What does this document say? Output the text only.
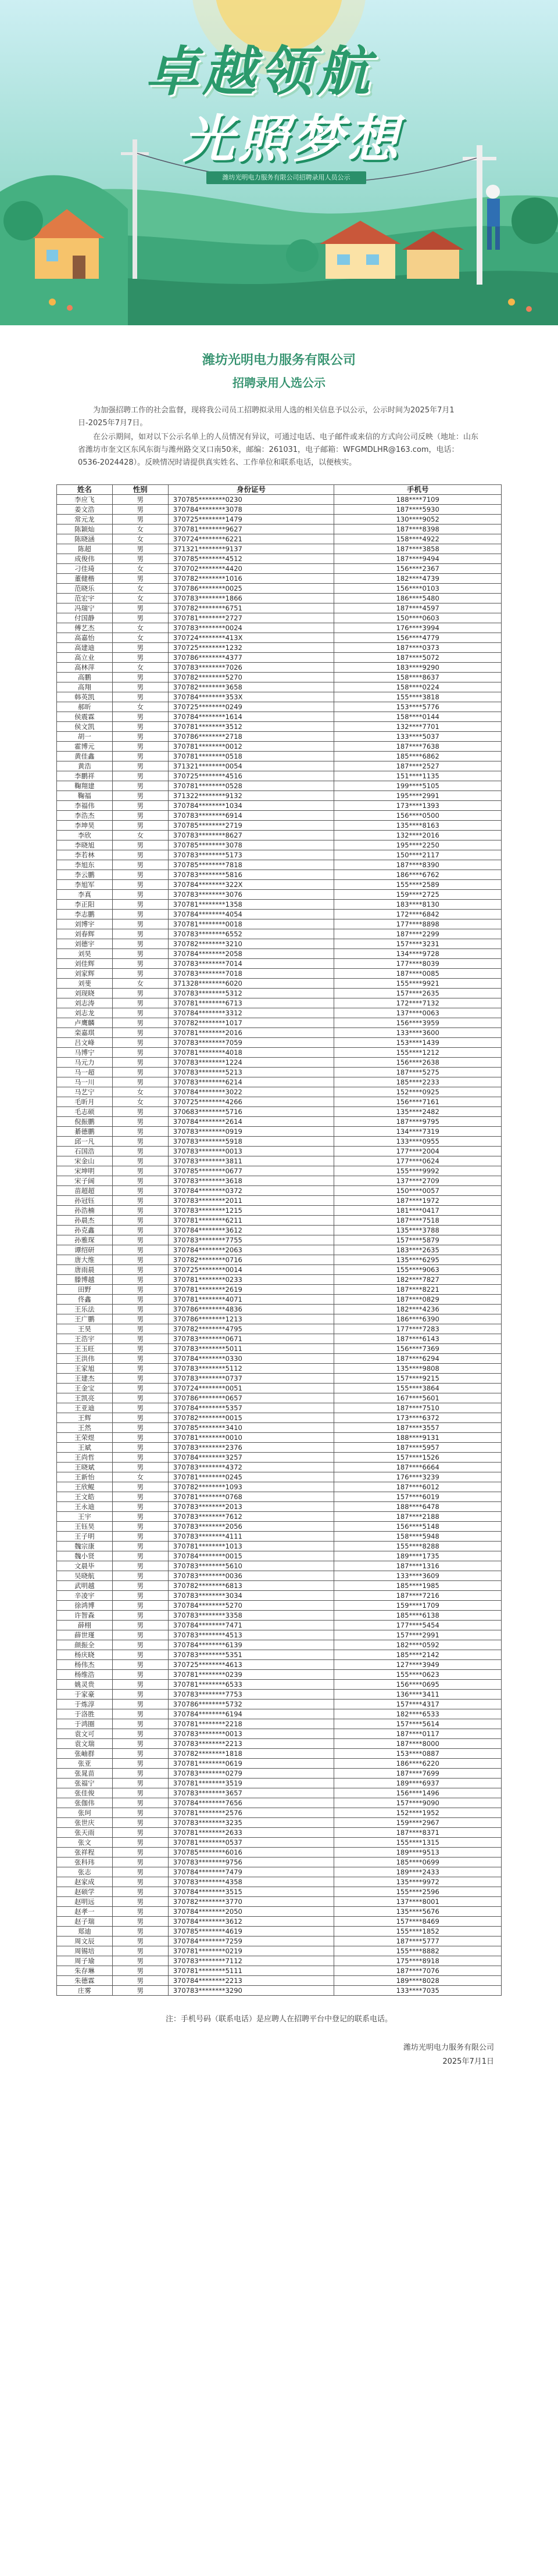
卓越领航
光照梦想
潍坊光明电力服务有限公司招聘录用人员公示
潍坊光明电力服务有限公司
招聘录用人选公示

为加强招聘工作的社会监督，现将我公司员工招聘拟录用人选的相关信息予以公示，公示时间为2025年7月1日-2025年7月7日。

在公示期间，如对以下公示名单上的人员情况有异议，可通过电话、电子邮件或来信的方式向公司反映（地址：山东省潍坊市奎文区东风东街与潍州路交叉口南50米，邮编：261031，电子邮箱：WFGMDLHR@163.com，电话：0536-2024428）。反映情况时请提供真实姓名、工作单位和联系电话，以便核实。

姓名	性别	身份证号	手机号
李应飞	男	370785********0230	188****7109
姜文浩	男	370784********3078	187****5930
常元龙	男	370725********1479	130****9052
陈颖灿	女	370781********9627	187****8398
陈晓涵	女	370724********6221	158****4922
陈超	男	371321********9137	187****3858
成俊伟	男	370785********4512	187****9494
刁佳琦	女	370702********4420	156****2367
董健楷	男	370782********1016	182****4739
范晓乐	女	370786********0025	156****0103
范宏宇	女	370783********1866	186****5480
冯瑞宁	男	370782********6751	187****4597
付国静	男	370781********2727	150****0603
傅艺杰	女	370783********0024	176****3994
高嘉怡	女	370724********413X	156****4779
高建迪	男	370725********1232	187****0373
高立业	男	370786********4377	187****5072
高林萍	女	370783********7026	183****9290
高鹏	男	370782********5270	158****8637
高翔	男	370782********3658	158****0224
韩英凯	男	370784********353X	155****3818
郝昕	女	370725********0249	153****5776
侯震霖	男	370784********1614	158****0144
侯文凯	男	370781********3512	132****7701
胡一	男	370786********2718	133****5037
霍博元	男	370781********0012	187****7638
黄佳鑫	男	370781********0518	185****6862
黄浩	男	371321********0054	187****2527
李鹏祥	男	370725********4516	151****1135
鞠翔建	男	370781********0528	199****5105
鞠福	男	371322********9132	195****2991
李福伟	男	370784********1034	173****1393
李浩杰	男	370783********6914	156****0500
李坤昊	男	370785********2719	135****8163
李欣	女	370783********8627	132****2016
李晓旭	男	370785********3078	195****2250
李若林	男	370783********5173	150****2117
李旭东	男	370785********7818	187****8390
李云鹏	男	370783********5816	186****6762
李旭军	男	370784********322X	155****2589
李真	男	370783********3076	159****2725
李正阳	男	370781********1358	183****8130
李志鹏	男	370784********4054	172****6842
刘博宇	男	370781********0018	177****8898
刘春辉	男	370783********6552	187****2299
刘德宇	男	370782********3210	157****3231
刘昊	男	370784********2058	134****9728
刘佳辉	男	370783********7014	177****8039
刘家辉	男	370783********7018	187****0085
刘斐	女	371328********6020	155****9921
刘现晓	男	370783********5312	157****2635
刘志涛	男	370781********6713	172****7132
刘志龙	男	370784********3312	137****0063
卢鹰麟	男	370782********1017	156****3959
栾嘉琪	男	370781********2016	133****3600
吕文峰	男	370783********7059	153****1439
马博宁	男	370781********4018	155****1212
马元力	男	370783********1224	156****2638
马一超	男	370783********5213	187****5275
马一川	男	370783********6214	185****2233
马艺宁	女	370784********3022	152****0925
毛昕月	女	370725********4266	156****7161
毛志硕	男	370683********5716	135****2482
倪振鹏	男	370784********2614	187****9795
綦德鹏	男	370783********0919	134****7319
邱一凡	男	370783********5918	133****0955
石国浩	男	370783********0013	177****2004
宋金山	男	370783********3811	177****0624
宋坤明	男	370785********0677	155****9992
宋子阔	男	370783********3618	137****2709
苗超超	男	370784********0372	150****0057
孙冠钰	男	370783********2011	187****1972
孙浩楠	男	370783********1215	181****0417
孙晨杰	男	370781********6211	187****7518
孙克鑫	男	370784********3612	135****3788
孙雅琛	男	370783********7755	157****5879
谭绍研	男	370784********2063	183****2635
唐大维	男	370782********0716	135****6295
唐雨晨	男	370725********0014	155****9063
滕博越	男	370781********0233	182****7827
田野	男	370781********2619	187****8221
佟鑫	男	370781********4071	187****0829
王乐法	男	370786********4836	182****4236
王广鹏	男	370786********1213	186****6390
王昊	男	370782********4795	177****7283
王浩宇	男	370783********0671	187****6143
王玉旺	男	370783********5011	156****7369
王洪伟	男	370784********0330	187****6294
王家旭	男	370783********5112	135****9808
王建杰	男	370783********0737	157****9215
王金宝	男	370724********0051	155****3864
王凯亮	男	370786********0657	167****5601
王亚迪	男	370784********5357	187****7510
王辉	男	370782********0015	173****6372
王然	男	370785********3410	187****3557
王荣煜	男	370781********0010	188****9131
王斌	男	370783********2376	187****5957
王尚哲	男	370784********3257	157****1526
王晓斌	男	370783********4372	187****6664
王新怡	女	370781********0245	176****3239
王欣鲲	男	370782********1093	187****6012
王文皓	男	370781********0768	157****6019
王永迪	男	370783********2013	188****6478
王宇	男	370783********7612	187****2188
王钰昊	男	370783********2056	156****5148
王子明	男	370783********4111	158****5948
魏宗康	男	370781********1013	155****8288
魏小贤	男	370784********0015	189****1735
文晨毕	男	370783********5610	187****1316
吴晓航	男	370783********0036	133****3609
武明越	男	370782********6813	185****1985
辛凌宇	男	370783********3034	187****7216
徐鸿博	男	370784********5270	159****1709
许智森	男	370783********3358	185****6138
薛栩	男	370784********7471	177****5454
薛世瑾	男	370783********4513	157****2991
颜振全	男	370784********6139	182****0592
杨庆晓	男	370783********5351	185****2142
杨伟杰	男	370725********4613	127****3949
杨维浩	男	370781********0239	155****0623
姚灵贵	男	370781********6533	156****0695
于家豪	男	370783********7753	136****3411
于炼淳	男	370786********5732	157****4317
于洛胜	男	370784********6194	182****6533
于鸿圈	男	370781********2218	157****5614
袁文可	男	370783********0013	187****0117
袁文瑞	男	370783********2213	187****8000
张岫群	男	370782********1818	153****0887
张亚	男	370781********0619	186****6220
张晁苗	男	370783********0279	187****7699
张福宁	男	370781********3519	189****6937
张佳俊	男	370783********3657	156****1496
张伽伟	男	370784********7656	157****9090
张珂	男	370781********2576	152****1952
张世庆	男	370783********3235	159****2967
张天雨	男	370781********2633	187****8371
张文	男	370781********0537	155****1315
张祥程	男	370785********6016	189****9513
张科玮	男	370783********9756	185****0699
张志	男	370784********7479	189****2433
赵家成	男	370783********4358	135****9972
赵硕学	男	370784********3515	155****2596
赵明远	男	370782********3770	137****8001
赵孝一	男	370784********2050	135****5676
赵子瑞	男	370784********3612	157****8469
郑迪	男	370785********4619	155****1852
周文辰	男	370784********7259	187****5777
周锡培	男	370781********0219	155****8882
周子瑜	男	370783********7112	175****8918
朱存琳	男	370781********5111	187****7076
朱德霖	男	370784********2213	189****8028
庄雾	男	370783********3290	133****7035
注：手机号码（联系电话）是应聘人在招聘平台中登记的联系电话。
潍坊光明电力服务有限公司
2025年7月1日
